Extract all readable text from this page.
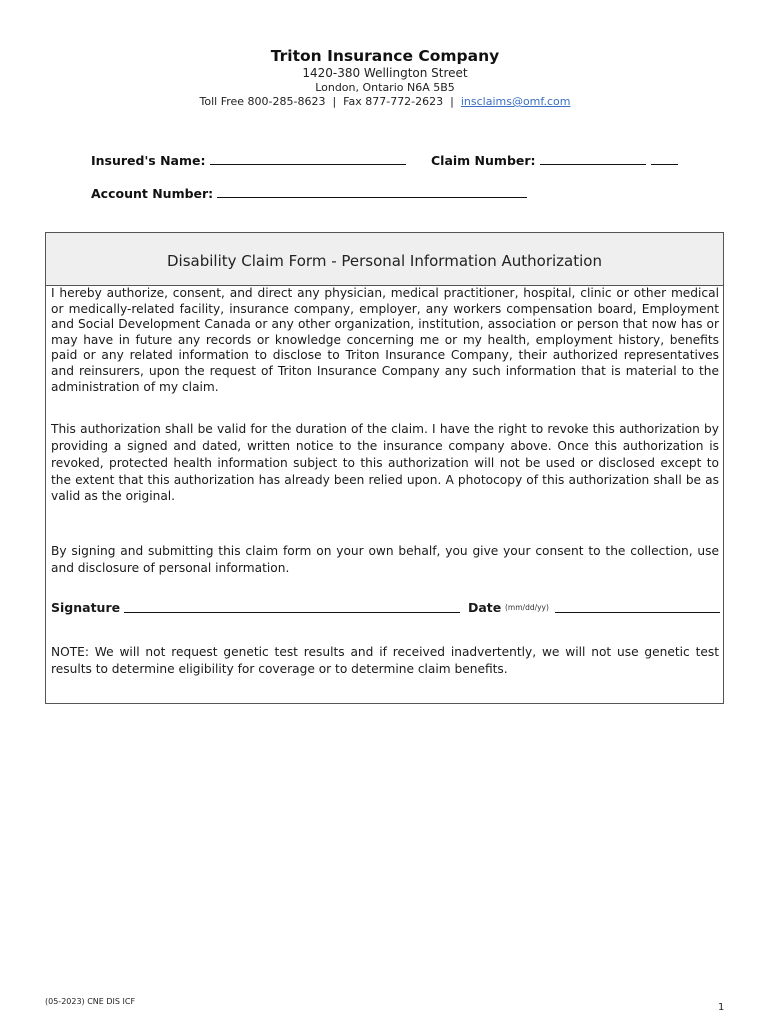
Triton Insurance Company
1420-380 Wellington Street
London, Ontario N6A 5B5
Toll Free 800-285-8623  |  Fax 877-772-2623  |  insclaims@omf.com
Insured's Name:	Claim Number:
Account Number:
Disability Claim Form - Personal Information Authorization

I hereby authorize, consent, and direct any physician, medical practitioner, hospital, clinic or other medical or medically-related facility, insurance company, employer, any workers compensation board, Employment and Social Development Canada or any other organization, institution, association or person that now has or may have in future any records or knowledge concerning me or my health, employment history, benefits paid or any related information to disclose to Triton Insurance Company, their authorized representatives and reinsurers, upon the request of Triton Insurance Company any such information that is material to the administration of my claim.

This authorization shall be valid for the duration of the claim. I have the right to revoke this authorization by providing a signed and dated, written notice to the insurance company above. Once this authorization is revoked, protected health information subject to this authorization will not be used or disclosed except to the extent that this authorization has already been relied upon. A photocopy of this authorization shall be as valid as the original.

By signing and submitting this claim form on your own behalf, you give your consent to the collection, use and disclosure of personal information.

Signature	Date (mm/dd/yy)

NOTE: We will not request genetic test results and if received inadvertently, we will not use genetic test results to determine eligibility for coverage or to determine claim benefits.

(05-2023) CNE DIS ICF
1
